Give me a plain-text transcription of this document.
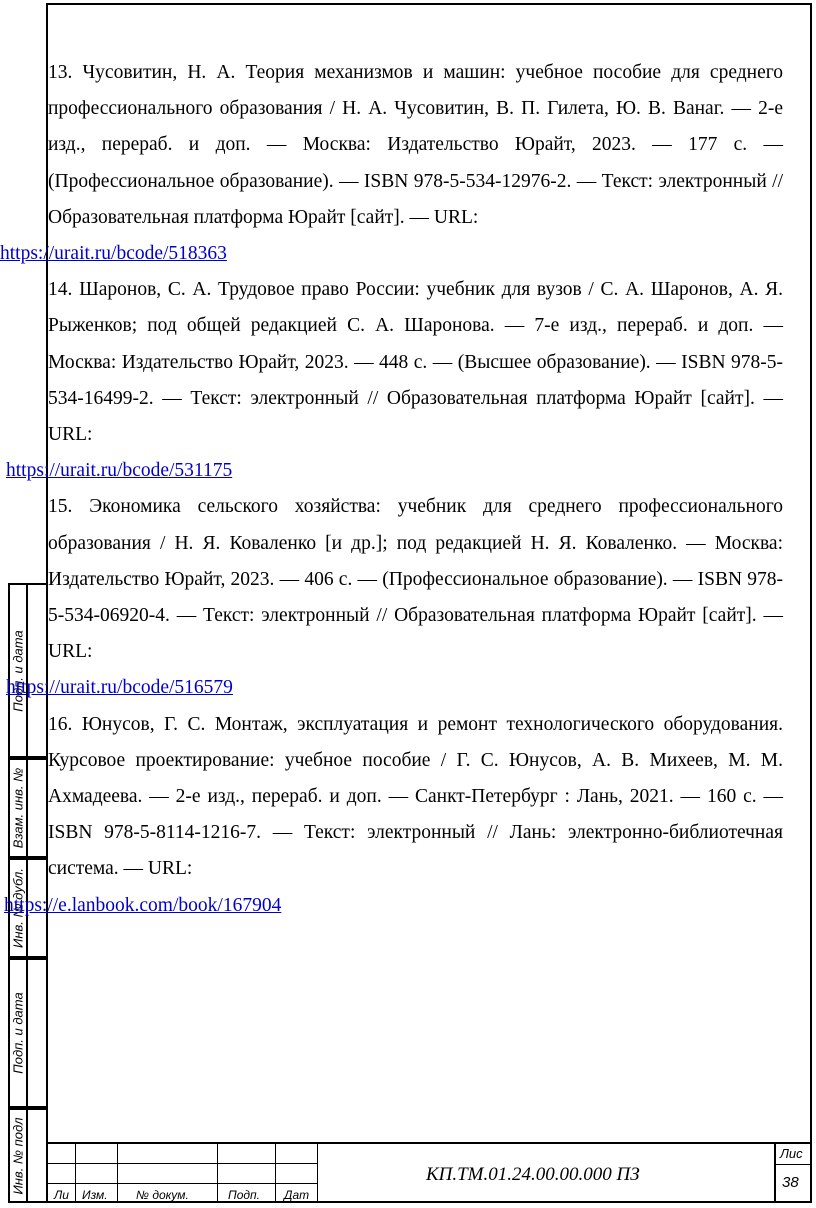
Подп. и дата
Взам. инв. №
Инв. № дубл.
Подп. и дата
Инв. № подл

13. Чусовитин, Н. А. Теория механизмов и машин: учебное пособие для среднего профессионального образования / Н. А. Чусовитин, В. П. Гилета, Ю. В. Ванаг. — 2-е изд., перераб. и доп. — Москва: Издательство Юрайт, 2023. — 177 с. — (Профессиональное образование). — ISBN 978-5-534-12976-2. — Текст: электронный // Образовательная платформа Юрайт [сайт]. — URL:
https://urait.ru/bcode/518363

14. Шаронов, С. А. Трудовое право России: учебник для вузов / С. А. Шаронов, А. Я. Рыженков; под общей редакцией С. А. Шаронова. — 7-е изд., перераб. и доп. — Москва: Издательство Юрайт, 2023. — 448 с. — (Высшее образование). — ISBN 978-5-534-16499-2. — Текст: электронный // Образовательная платформа Юрайт [сайт]. — URL:
https://urait.ru/bcode/531175

15. Экономика сельского хозяйства: учебник для среднего профессионального образования / Н. Я. Коваленко [и др.]; под редакцией Н. Я. Коваленко. — Москва: Издательство Юрайт, 2023. — 406 с. — (Профессиональное образование). — ISBN 978-5-534-06920-4. — Текст: электронный // Образовательная платформа Юрайт [сайт]. — URL:
https://urait.ru/bcode/516579

16. Юнусов, Г. С. Монтаж, эксплуатация и ремонт технологического оборудования. Курсовое проектирование: учебное пособие / Г. С. Юнусов, А. В. Михеев, М. М. Ахмадеева. — 2-е изд., перераб. и доп. — Санкт-Петербург : Лань, 2021. — 160 с. — ISBN 978-5-8114-1216-7. — Текст: электронный // Лань: электронно-библиотечная система. — URL:
https://e.lanbook.com/book/167904

Ли Изм. № докум.	Подп. Дат
КП.ТМ.01.24.00.00.000 ПЗ
Лис
38
